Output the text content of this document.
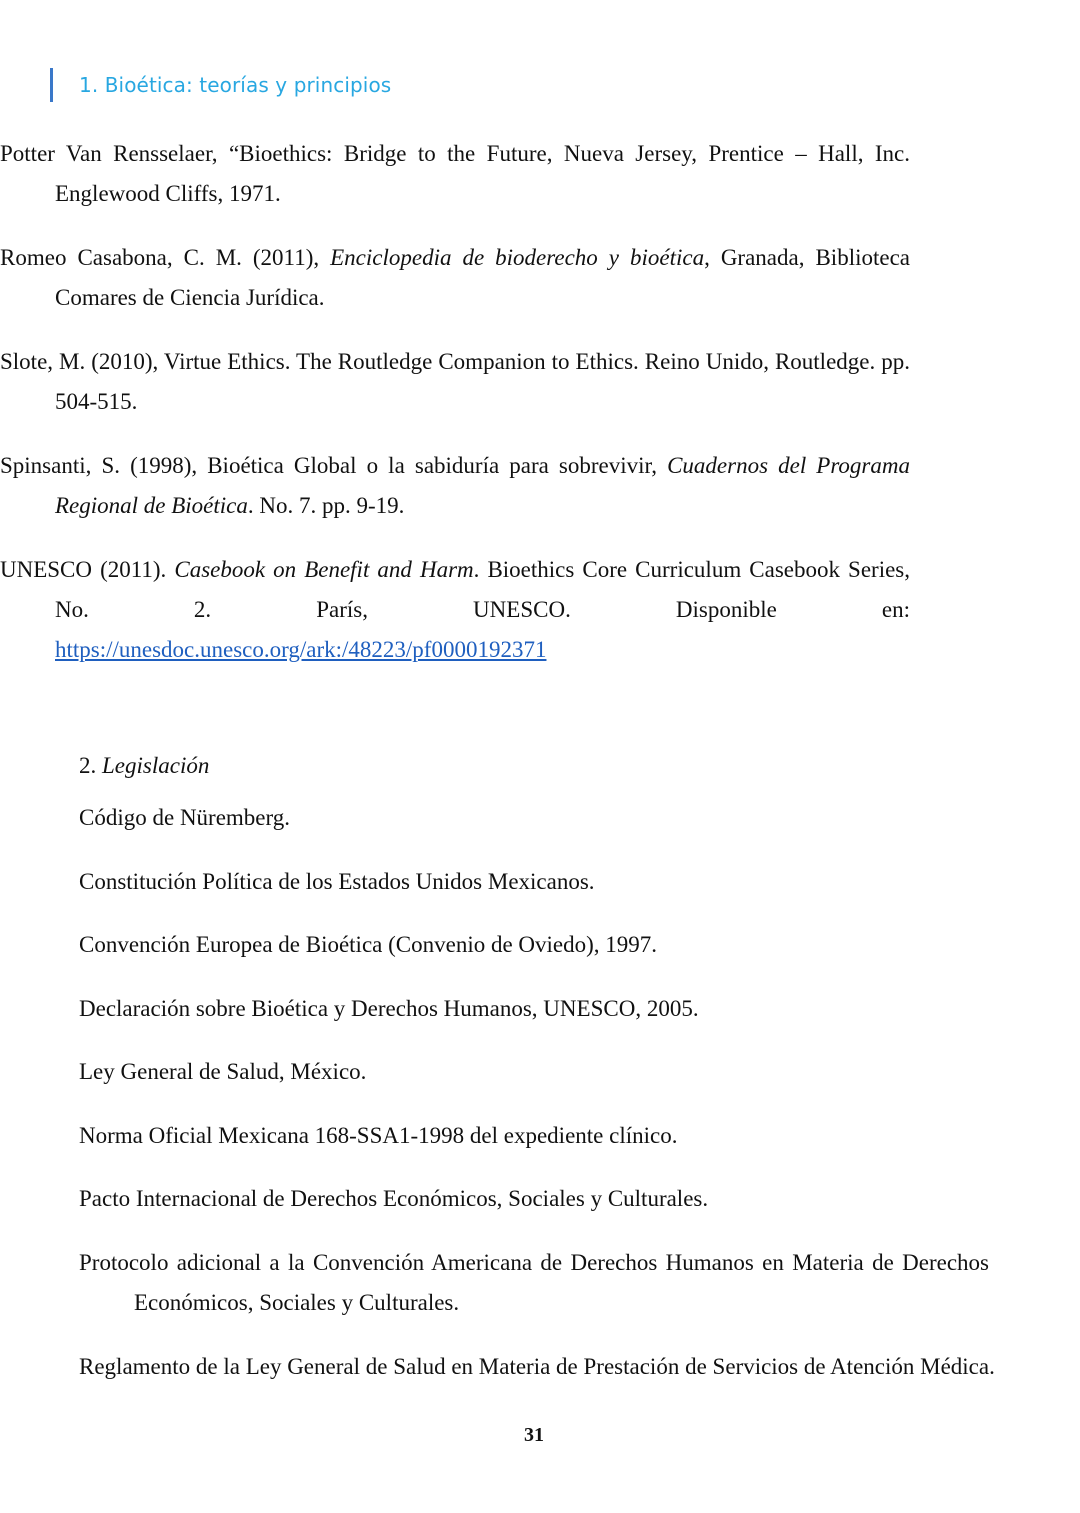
1. Bioética: teorías y principios

Potter Van Rensselaer, “Bioethics: Bridge to the Future, Nueva Jersey, Prentice – Hall, Inc. Englewood Cliffs, 1971.

Romeo Casabona, C. M. (2011), Enciclopedia de bioderecho y bioética, Granada, Biblioteca Comares de Ciencia Jurídica.

Slote, M. (2010), Virtue Ethics. The Routledge Companion to Ethics. Reino Unido, Routledge. pp. 504-515.

Spinsanti, S. (1998), Bioética Global o la sabiduría para sobrevivir, Cuadernos del Programa Regional de Bioética. No. 7. pp. 9-19.

UNESCO (2011). Casebook on Benefit and Harm. Bioethics Core Curriculum Casebook Series, No. 2. París, UNESCO. Disponible en: https://unesdoc.unesco.org/ark:/48223/pf0000192371

2. Legislación
Código de Nüremberg.
Constitución Política de los Estados Unidos Mexicanos.
Convención Europea de Bioética (Convenio de Oviedo), 1997.
Declaración sobre Bioética y Derechos Humanos, UNESCO, 2005.
Ley General de Salud, México.
Norma Oficial Mexicana 168-SSA1-1998 del expediente clínico.
Pacto Internacional de Derechos Económicos, Sociales y Culturales.

Protocolo adicional a la Convención Americana de Derechos Humanos en Materia de Derechos Económicos, Sociales y Culturales.

Reglamento de la Ley General de Salud en Materia de Prestación de Servicios de Atención Médica.
31
